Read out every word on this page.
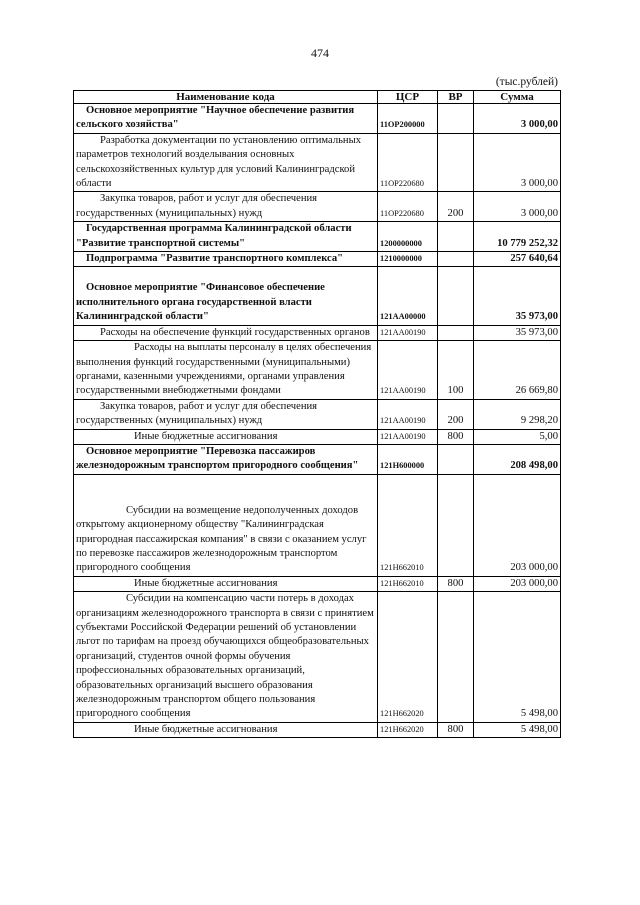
474
(тыс.рублей)
Наименование кода	ЦСР	ВР	Сумма
Основное мероприятие "Научное обеспечение развития сельского хозяйства"	11ОР200000		3 000,00
Разработка документации по установлению оптимальных параметров технологий возделывания основных сельскохозяйственных культур для условий Калининградской области	11ОР220680		3 000,00
Закупка товаров, работ и услуг для обеспечения государственных (муниципальных) нужд	11ОР220680	200	3 000,00
Государственная программа Калининградской области "Развитие транспортной системы"	1200000000		10 779 252,32
Подпрограмма "Развитие транспортного комплекса"	1210000000		257 640,64

Основное мероприятие "Финансовое обеспечение исполнительного органа государственной власти Калининградской области"	121АА00000		35 973,00
Расходы на обеспечение функций государственных органов	121АА00190		35 973,00
Расходы на выплаты персоналу в целях обеспечения выполнения функций государственными (муниципальными) органами, казенными учреждениями, органами управления государственными внебюджетными фондами	121АА00190	100	26 669,80
Закупка товаров, работ и услуг для обеспечения государственных (муниципальных) нужд	121АА00190	200	9 298,20
Иные бюджетные ассигнования	121АА00190	800	5,00
Основное мероприятие "Перевозка пассажиров железнодорожным транспортом пригородного сообщения"	121Н600000		208 498,00

Субсидии на возмещение недополученных доходов открытому акционерному обществу "Калининградская пригородная пассажирская компания" в связи с оказанием услуг по перевозке пассажиров железнодорожным транспортом пригородного сообщения	121Н662010		203 000,00
Иные бюджетные ассигнования	121Н662010	800	203 000,00
Субсидии на компенсацию части потерь в доходах организациям железнодорожного транспорта в связи с принятием субъектами Российской Федерации решений об установлении льгот по тарифам на проезд обучающихся общеобразовательных организаций, студентов очной формы обучения профессиональных образовательных организаций, образовательных организаций высшего образования железнодорожным транспортом общего пользования пригородного сообщения	121Н662020		5 498,00
Иные бюджетные ассигнования	121Н662020	800	5 498,00
